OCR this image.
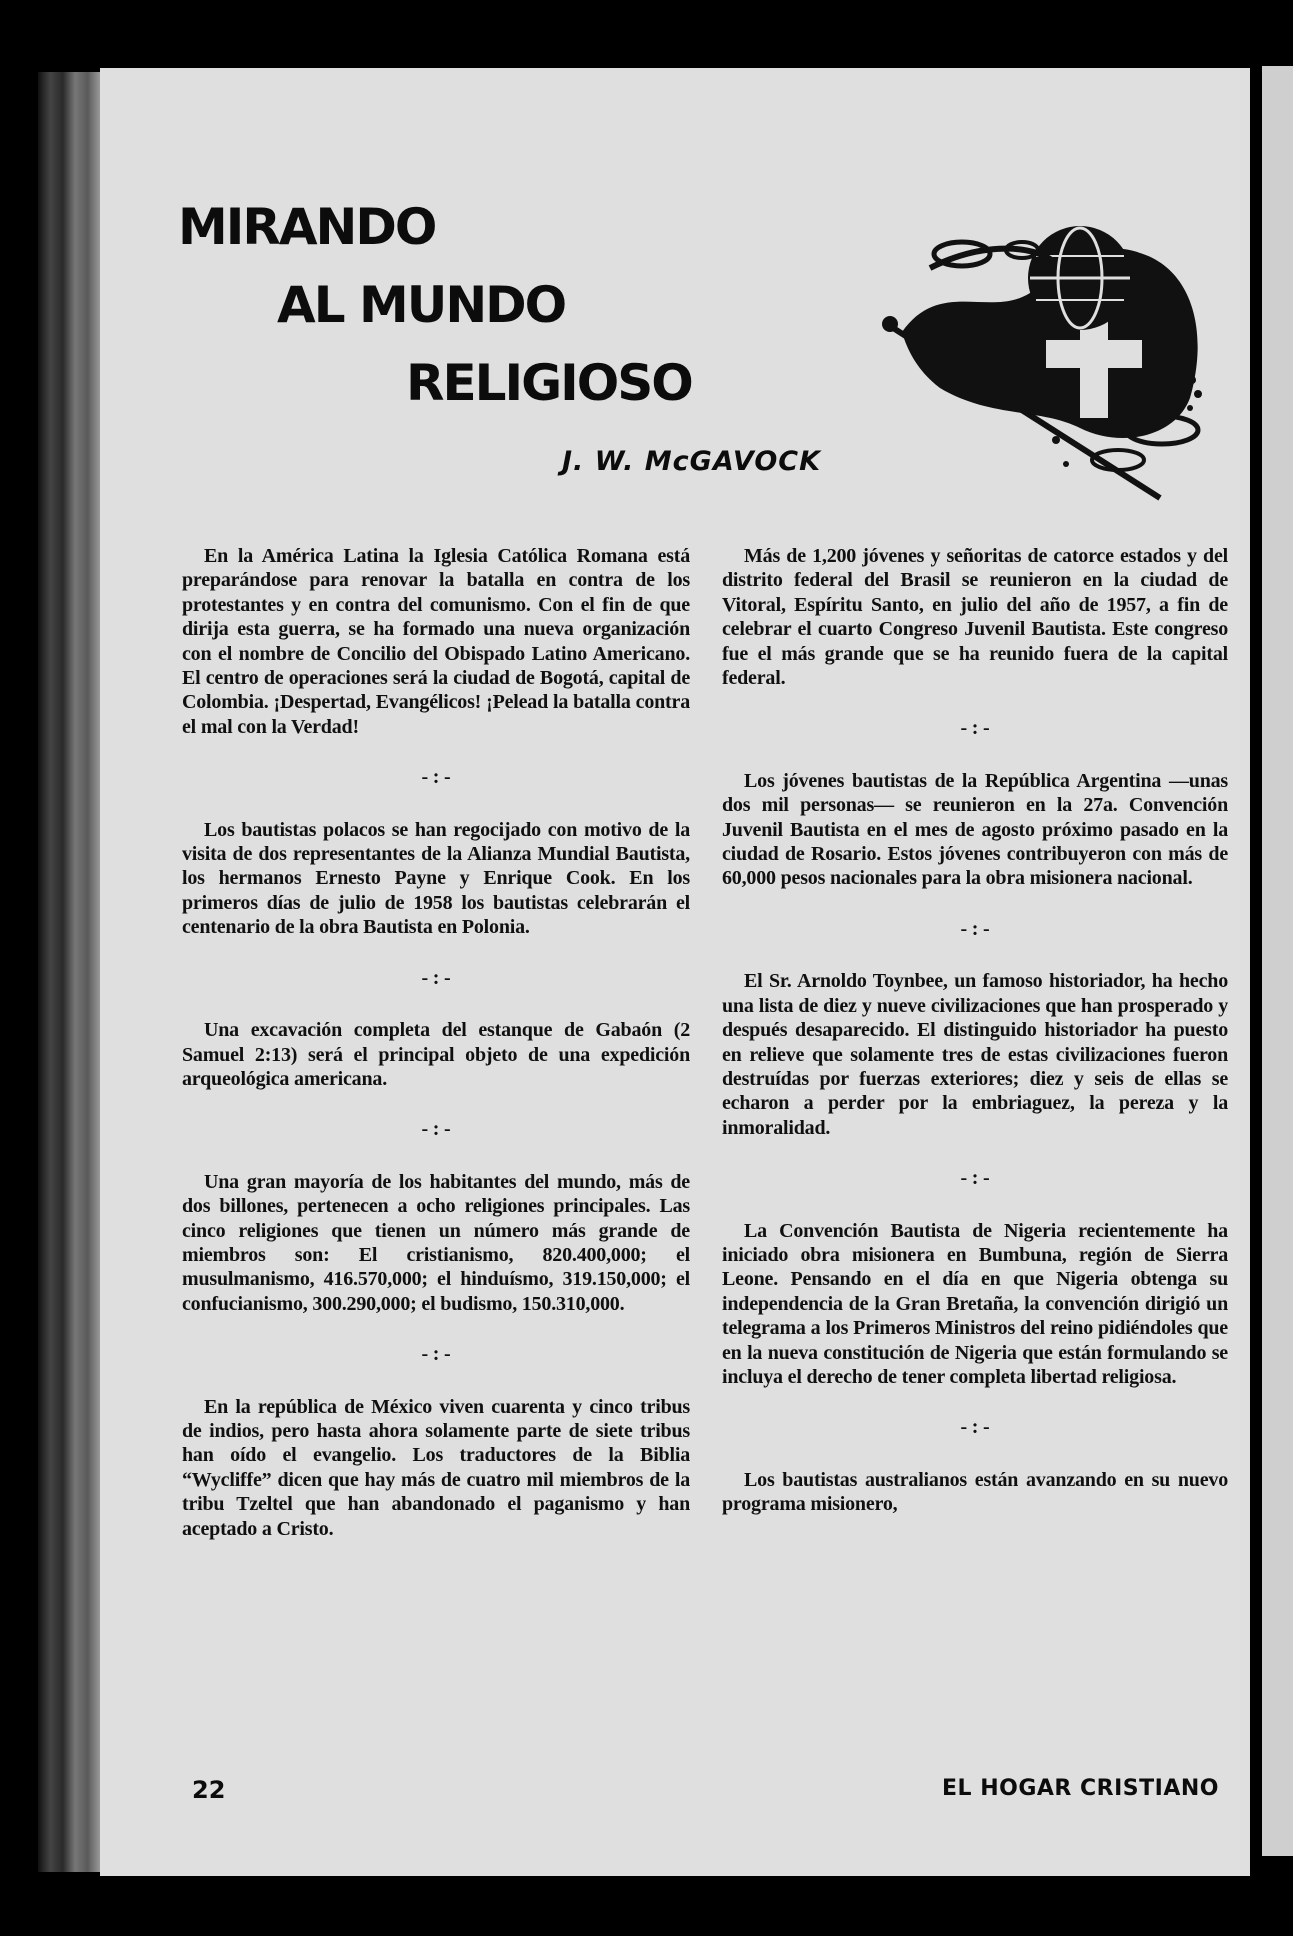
MIRANDO
AL MUNDO
RELIGIOSO

J. W. McGAVOCK

En la América Latina la Iglesia Católica Romana está preparándose para renovar la batalla en contra de los protestantes y en contra del comunismo. Con el fin de que dirija esta guerra, se ha formado una nueva organización con el nombre de Concilio del Obispado Latino Americano. El centro de operaciones será la ciudad de Bogotá, capital de Colombia. ¡Despertad, Evangélicos! ¡Pelead la batalla contra el mal con la Verdad!

- : -

Los bautistas polacos se han regocijado con motivo de la visita de dos representantes de la Alianza Mundial Bautista, los hermanos Ernesto Payne y Enrique Cook. En los primeros días de julio de 1958 los bautistas celebrarán el centenario de la obra Bautista en Polonia.

- : -

Una excavación completa del estanque de Gabaón (2 Samuel 2:13) será el principal objeto de una expedición arqueológica americana.

- : -

Una gran mayoría de los habitantes del mundo, más de dos billones, pertenecen a ocho religiones principales. Las cinco religiones que tienen un número más grande de miembros son: El cristianismo, 820.400,000; el musulmanismo, 416.570,000; el hinduísmo, 319.150,000; el confucianismo, 300.290,000; el budismo, 150.310,000.

- : -

En la república de México viven cuarenta y cinco tribus de indios, pero hasta ahora solamente parte de siete tribus han oído el evangelio. Los traductores de la Biblia “Wycliffe” dicen que hay más de cuatro mil miembros de la tribu Tzeltel que han abandonado el paganismo y han aceptado a Cristo.

Más de 1,200 jóvenes y señoritas de catorce estados y del distrito federal del Brasil se reunieron en la ciudad de Vitoral, Espíritu Santo, en julio del año de 1957, a fin de celebrar el cuarto Congreso Juvenil Bautista. Este congreso fue el más grande que se ha reunido fuera de la capital federal.

- : -

Los jóvenes bautistas de la República Argentina —unas dos mil personas— se reunieron en la 27a. Convención Juvenil Bautista en el mes de agosto próximo pasado en la ciudad de Rosario. Estos jóvenes contribuyeron con más de 60,000 pesos nacionales para la obra misionera nacional.

- : -

El Sr. Arnoldo Toynbee, un famoso historiador, ha hecho una lista de diez y nueve civilizaciones que han prosperado y después desaparecido. El distinguido historiador ha puesto en relieve que solamente tres de estas civilizaciones fueron destruídas por fuerzas exteriores; diez y seis de ellas se echaron a perder por la embriaguez, la pereza y la inmoralidad.

- : -

La Convención Bautista de Nigeria recientemente ha iniciado obra misionera en Bumbuna, región de Sierra Leone. Pensando en el día en que Nigeria obtenga su independencia de la Gran Bretaña, la convención dirigió un telegrama a los Primeros Ministros del reino pidiéndoles que en la nueva constitución de Nigeria que están formulando se incluya el derecho de tener completa libertad religiosa.

- : -

Los bautistas australianos están avanzando en su nuevo programa misionero,

22	EL HOGAR CRISTIANO
